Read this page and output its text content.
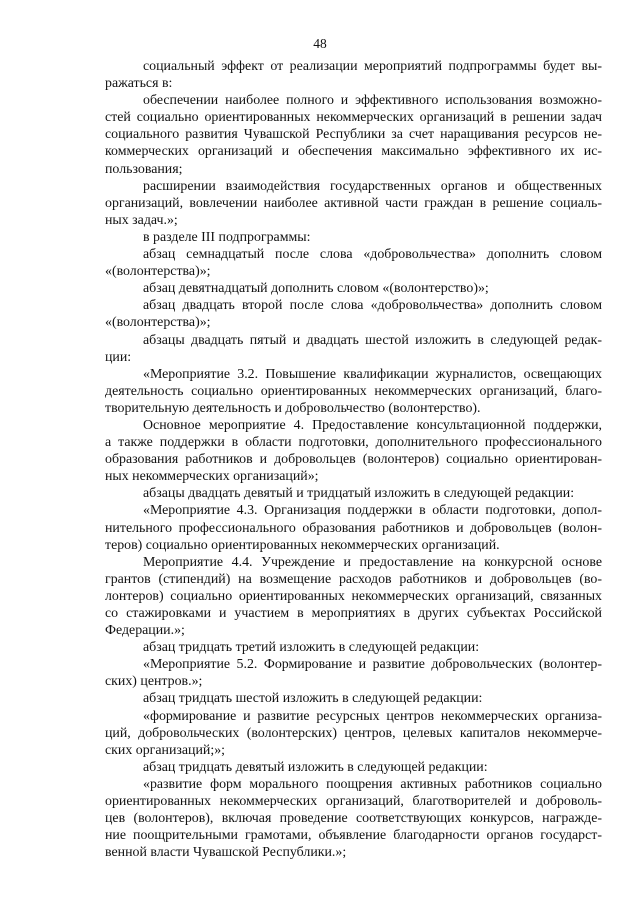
48
социальный эффект от реализации мероприятий подпрограммы будет вы-
ражаться в:
обеспечении наиболее полного и эффективного использования возможно-
стей социально ориентированных некоммерческих организаций в решении задач
социального развития Чувашской Республики за счет наращивания ресурсов не-
коммерческих организаций и обеспечения максимально эффективного их ис-
пользования;
расширении взаимодействия государственных органов и общественных
организаций, вовлечении наиболее активной части граждан в решение социаль-
ных задач.»;
в разделе III подпрограммы:
абзац семнадцатый после слова «добровольчества» дополнить словом
«(волонтерства)»;
абзац девятнадцатый дополнить словом «(волонтерство)»;
абзац двадцать второй после слова «добровольчества» дополнить словом
«(волонтерства)»;
абзацы двадцать пятый и двадцать шестой изложить в следующей редак-
ции:
«Мероприятие 3.2. Повышение квалификации журналистов, освещающих
деятельность социально ориентированных некоммерческих организаций, благо-
творительную деятельность и добровольчество (волонтерство).
Основное мероприятие 4. Предоставление консультационной поддержки,
а также поддержки в области подготовки, дополнительного профессионального
образования работников и добровольцев (волонтеров) социально ориентирован-
ных некоммерческих организаций»;
абзацы двадцать девятый и тридцатый изложить в следующей редакции:
«Мероприятие 4.3. Организация поддержки в области подготовки, допол-
нительного профессионального образования работников и добровольцев (волон-
теров) социально ориентированных некоммерческих организаций.
Мероприятие 4.4. Учреждение и предоставление на конкурсной основе
грантов (стипендий) на возмещение расходов работников и добровольцев (во-
лонтеров) социально ориентированных некоммерческих организаций, связанных
со стажировками и участием в мероприятиях в других субъектах Российской
Федерации.»;
абзац тридцать третий изложить в следующей редакции:
«Мероприятие 5.2. Формирование и развитие добровольческих (волонтер-
ских) центров.»;
абзац тридцать шестой изложить в следующей редакции:
«формирование и развитие ресурсных центров некоммерческих организа-
ций, добровольческих (волонтерских) центров, целевых капиталов некоммерче-
ских организаций;»;
абзац тридцать девятый изложить в следующей редакции:
«развитие форм морального поощрения активных работников социально
ориентированных некоммерческих организаций, благотворителей и доброволь-
цев (волонтеров), включая проведение соответствующих конкурсов, награжде-
ние поощрительными грамотами, объявление благодарности органов государст-
венной власти Чувашской Республики.»;
